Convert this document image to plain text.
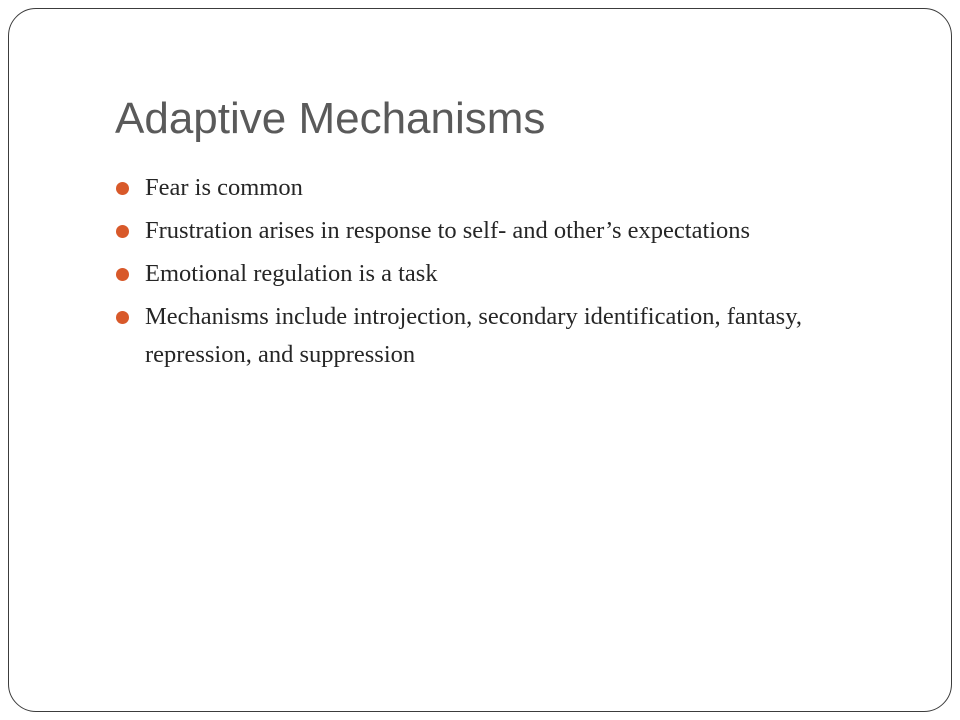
Adaptive Mechanisms
Fear is common
Frustration arises in response to self- and other’s expectations
Emotional regulation is a task
Mechanisms include introjection, secondary identification, fantasy, repression, and suppression
